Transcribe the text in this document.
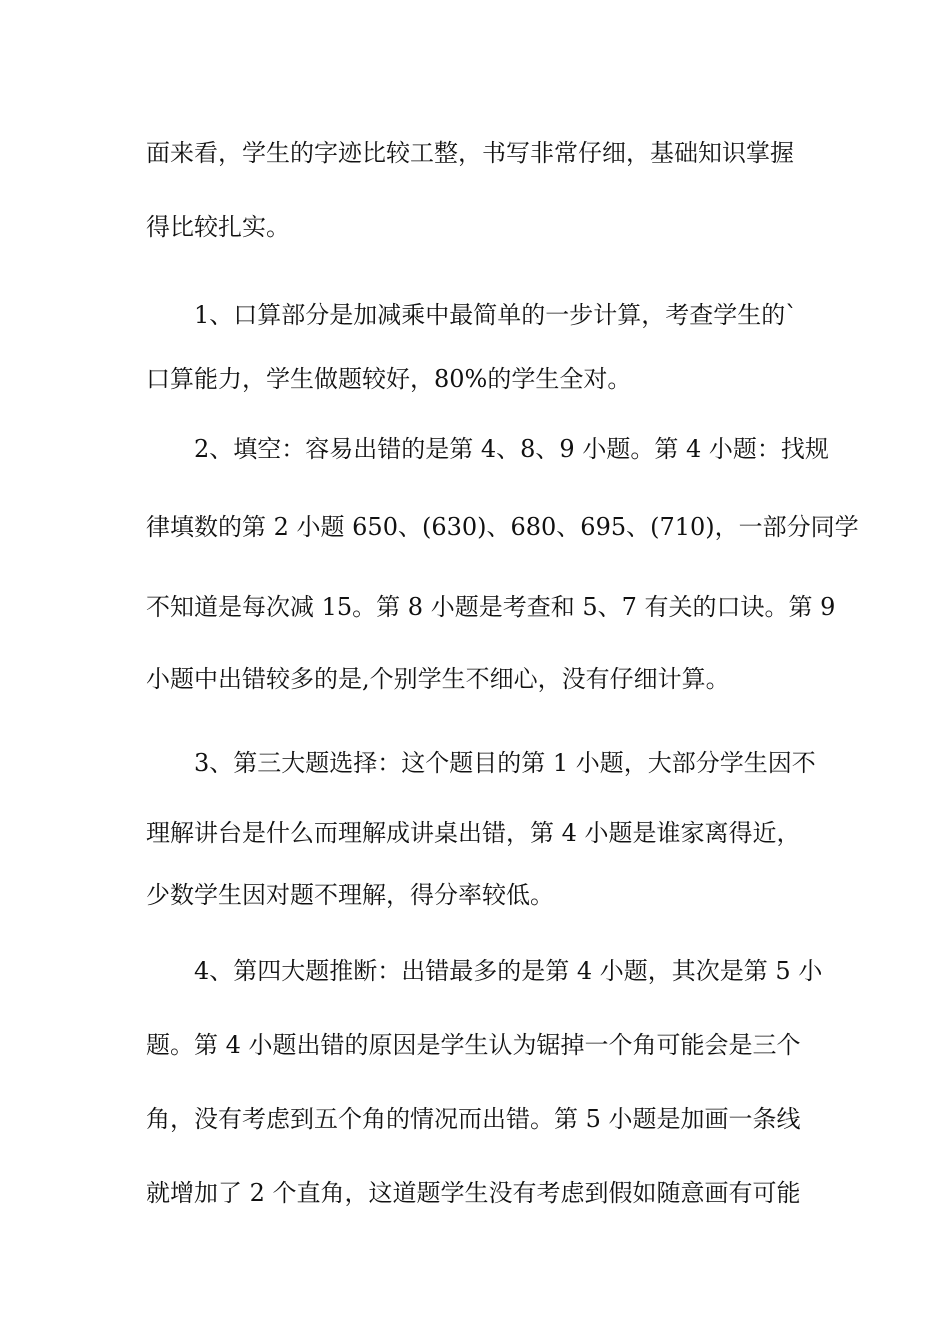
面来看，学生的字迹比较工整，书写非常仔细，基础知识掌握
得比较扎实。
1、口算部分是加减乘中最简单的一步计算，考查学生的`
口算能力，学生做题较好，80%的学生全对。
2、填空：容易出错的是第 4、8、9 小题。第 4 小题：找规
律填数的第 2 小题 650、(630)、680、695、(710)，一部分同学
不知道是每次减 15。第 8 小题是考查和 5、7 有关的口诀。第 9
小题中出错较多的是,个别学生不细心，没有仔细计算。
3、第三大题选择：这个题目的第 1 小题，大部分学生因不
理解讲台是什么而理解成讲桌出错，第 4 小题是谁家离得近，
少数学生因对题不理解，得分率较低。
4、第四大题推断：出错最多的是第 4 小题，其次是第 5 小
题。第 4 小题出错的原因是学生认为锯掉一个角可能会是三个
角，没有考虑到五个角的情况而出错。第 5 小题是加画一条线
就增加了 2 个直角，这道题学生没有考虑到假如随意画有可能
